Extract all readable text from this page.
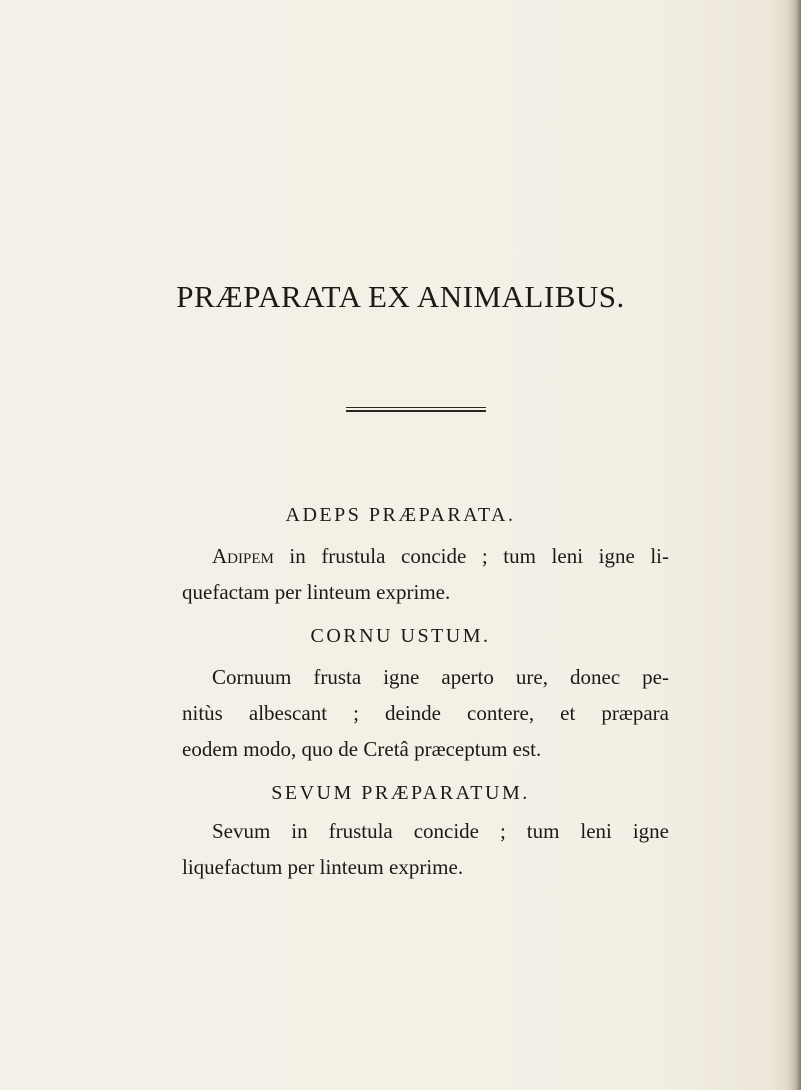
PRÆPARATA EX ANIMALIBUS.
ADEPS PRÆPARATA.
Adipem in frustula concide ; tum leni igne li-
quefactam per linteum exprime.
CORNU USTUM.
Cornuum frusta igne aperto ure, donec pe-
nitùs albescant ; deinde contere, et præpara
eodem modo, quo de Cretâ præceptum est.
SEVUM PRÆPARATUM.
Sevum in frustula concide ; tum leni igne
liquefactum per linteum exprime.
